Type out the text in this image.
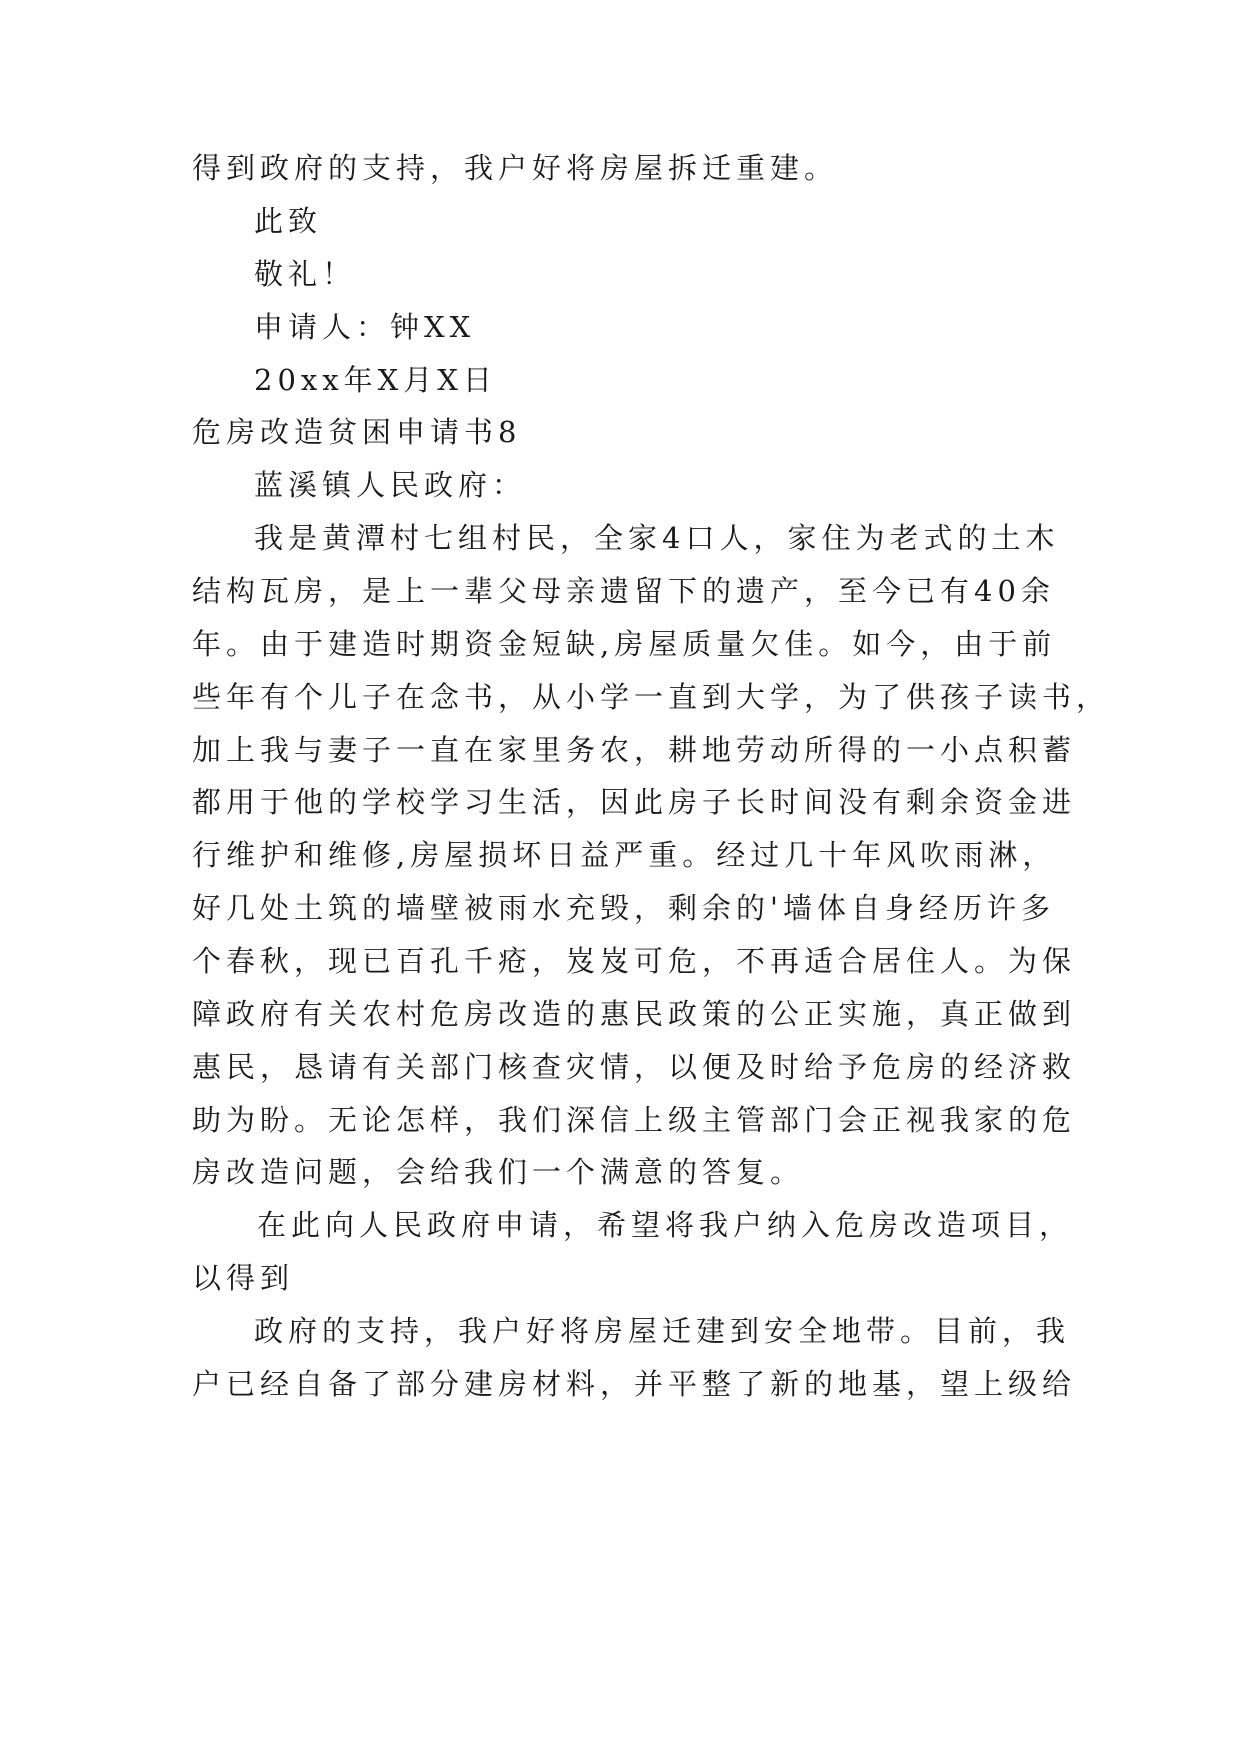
得到政府的支持，我户好将房屋拆迁重建。
此致
敬礼！
申请人：钟XX
20xx年X月X日
危房改造贫困申请书8
蓝溪镇人民政府：
我是黄潭村七组村民，全家4口人，家住为老式的土木
结构瓦房，是上一辈父母亲遗留下的遗产，至今已有40余
年。由于建造时期资金短缺,房屋质量欠佳。如今，由于前
些年有个儿子在念书，从小学一直到大学，为了供孩子读书，
加上我与妻子一直在家里务农，耕地劳动所得的一小点积蓄
都用于他的学校学习生活，因此房子长时间没有剩余资金进
行维护和维修,房屋损坏日益严重。经过几十年风吹雨淋，
好几处土筑的墙壁被雨水充毁，剩余的'墙体自身经历许多
个春秋，现已百孔千疮，岌岌可危，不再适合居住人。为保
障政府有关农村危房改造的惠民政策的公正实施，真正做到
惠民，恳请有关部门核查灾情，以便及时给予危房的经济救
助为盼。无论怎样，我们深信上级主管部门会正视我家的危
房改造问题，会给我们一个满意的答复。
在此向人民政府申请，希望将我户纳入危房改造项目，
以得到
政府的支持，我户好将房屋迁建到安全地带。目前，我
户已经自备了部分建房材料，并平整了新的地基，望上级给
